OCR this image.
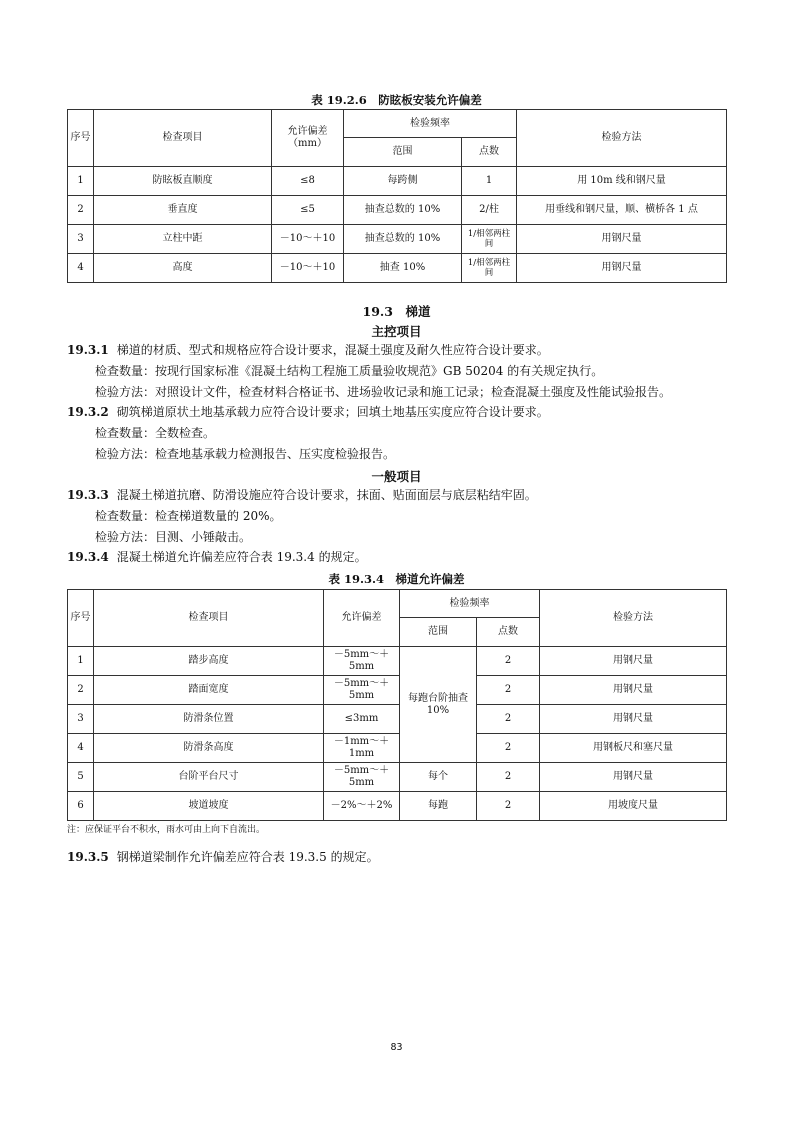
表 19.2.6　防眩板安装允许偏差
序号	检查项目	允许偏差（mm）	检验频率		检验方法
			范围	点数	
1	防眩板直顺度	≤8	每跨侧	1	用 10m 线和钢尺量
2	垂直度	≤5	抽查总数的 10%	2/柱	用垂线和钢尺量，顺、横桥各 1 点
3	立柱中距	－10～＋10	抽查总数的 10%	1/相邻两柱间	用钢尺量
4	高度	－10～＋10	抽查 10%	1/相邻两柱间	用钢尺量
19.3　梯道
主控项目
19.3.1 梯道的材质、型式和规格应符合设计要求，混凝土强度及耐久性应符合设计要求。
检查数量：按现行国家标准《混凝土结构工程施工质量验收规范》GB 50204 的有关规定执行。
检验方法：对照设计文件，检查材料合格证书、进场验收记录和施工记录；检查混凝土强度及性能试验报告。
19.3.2 砌筑梯道原状土地基承载力应符合设计要求；回填土地基压实度应符合设计要求。
检查数量：全数检查。
检验方法：检查地基承载力检测报告、压实度检验报告。
一般项目
19.3.3 混凝土梯道抗磨、防滑设施应符合设计要求，抹面、贴面面层与底层粘结牢固。
检查数量：检查梯道数量的 20%。
检验方法：目测、小锤敲击。
19.3.4 混凝土梯道允许偏差应符合表 19.3.4 的规定。
表 19.3.4　梯道允许偏差
序号	检查项目	允许偏差	检验频率		检验方法
			范围	点数	
1	踏步高度	－5mm～＋5mm	每跑台阶抽查 10%	2	用钢尺量
2	踏面宽度	－5mm～＋5mm		2	用钢尺量
3	防滑条位置	≤3mm		2	用钢尺量
4	防滑条高度	－1mm～＋1mm		2	用钢板尺和塞尺量
5	台阶平台尺寸	－5mm～＋5mm	每个	2	用钢尺量
6	坡道坡度	－2%～＋2%	每跑	2	用坡度尺量
注：应保证平台不积水，雨水可由上向下自流出。
19.3.5 钢梯道梁制作允许偏差应符合表 19.3.5 的规定。
83
